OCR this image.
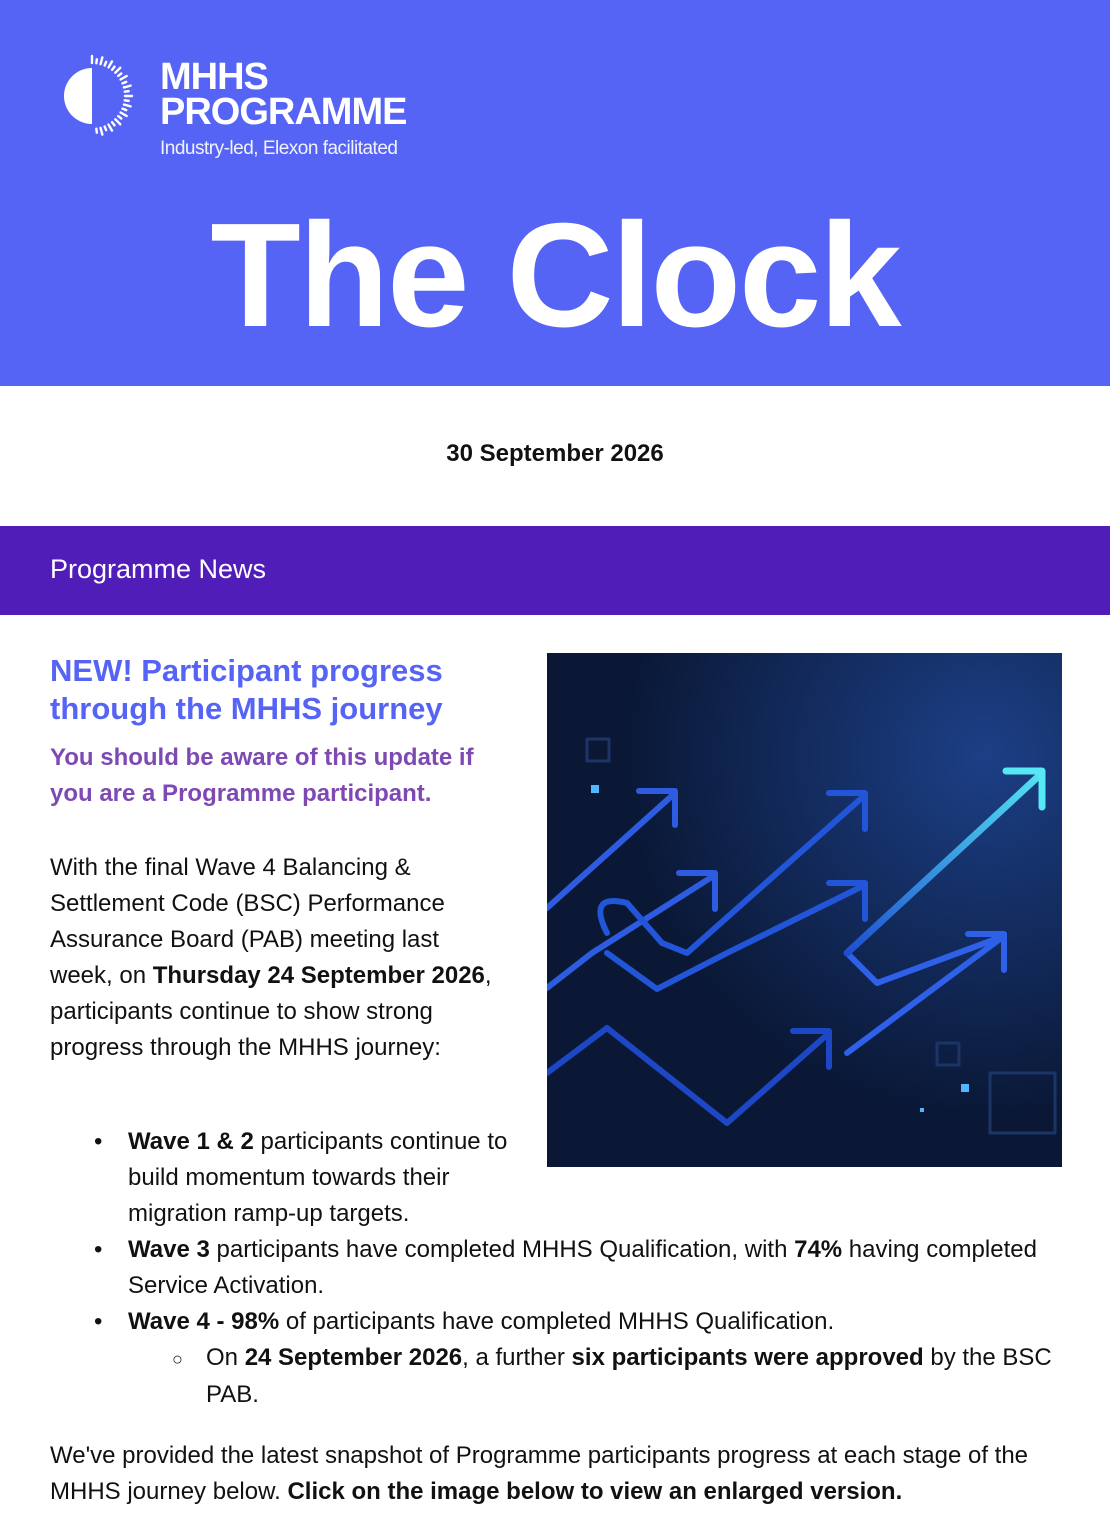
MHHS
PROGRAMME
Industry-led, Elexon facilitated
The Clock
30 September 2026
Programme News
NEW! Participant progress through the MHHS journey

You should be aware of this update if you are a Programme participant.

With the final Wave 4 Balancing & Settlement Code (BSC) Performance Assurance Board (PAB) meeting last week, on Thursday 24 September 2026, participants continue to show strong progress through the MHHS journey:

• Wave 1 & 2 participants continue to build momentum towards their migration ramp-up targets.
• Wave 3 participants have completed MHHS Qualification, with 74% having completed Service Activation.
• Wave 4 - 98% of participants have completed MHHS Qualification.
○ On 24 September 2026, a further six participants were approved by the BSC PAB.

We've provided the latest snapshot of Programme participants progress at each stage of the MHHS journey below. Click on the image below to view an enlarged version.
